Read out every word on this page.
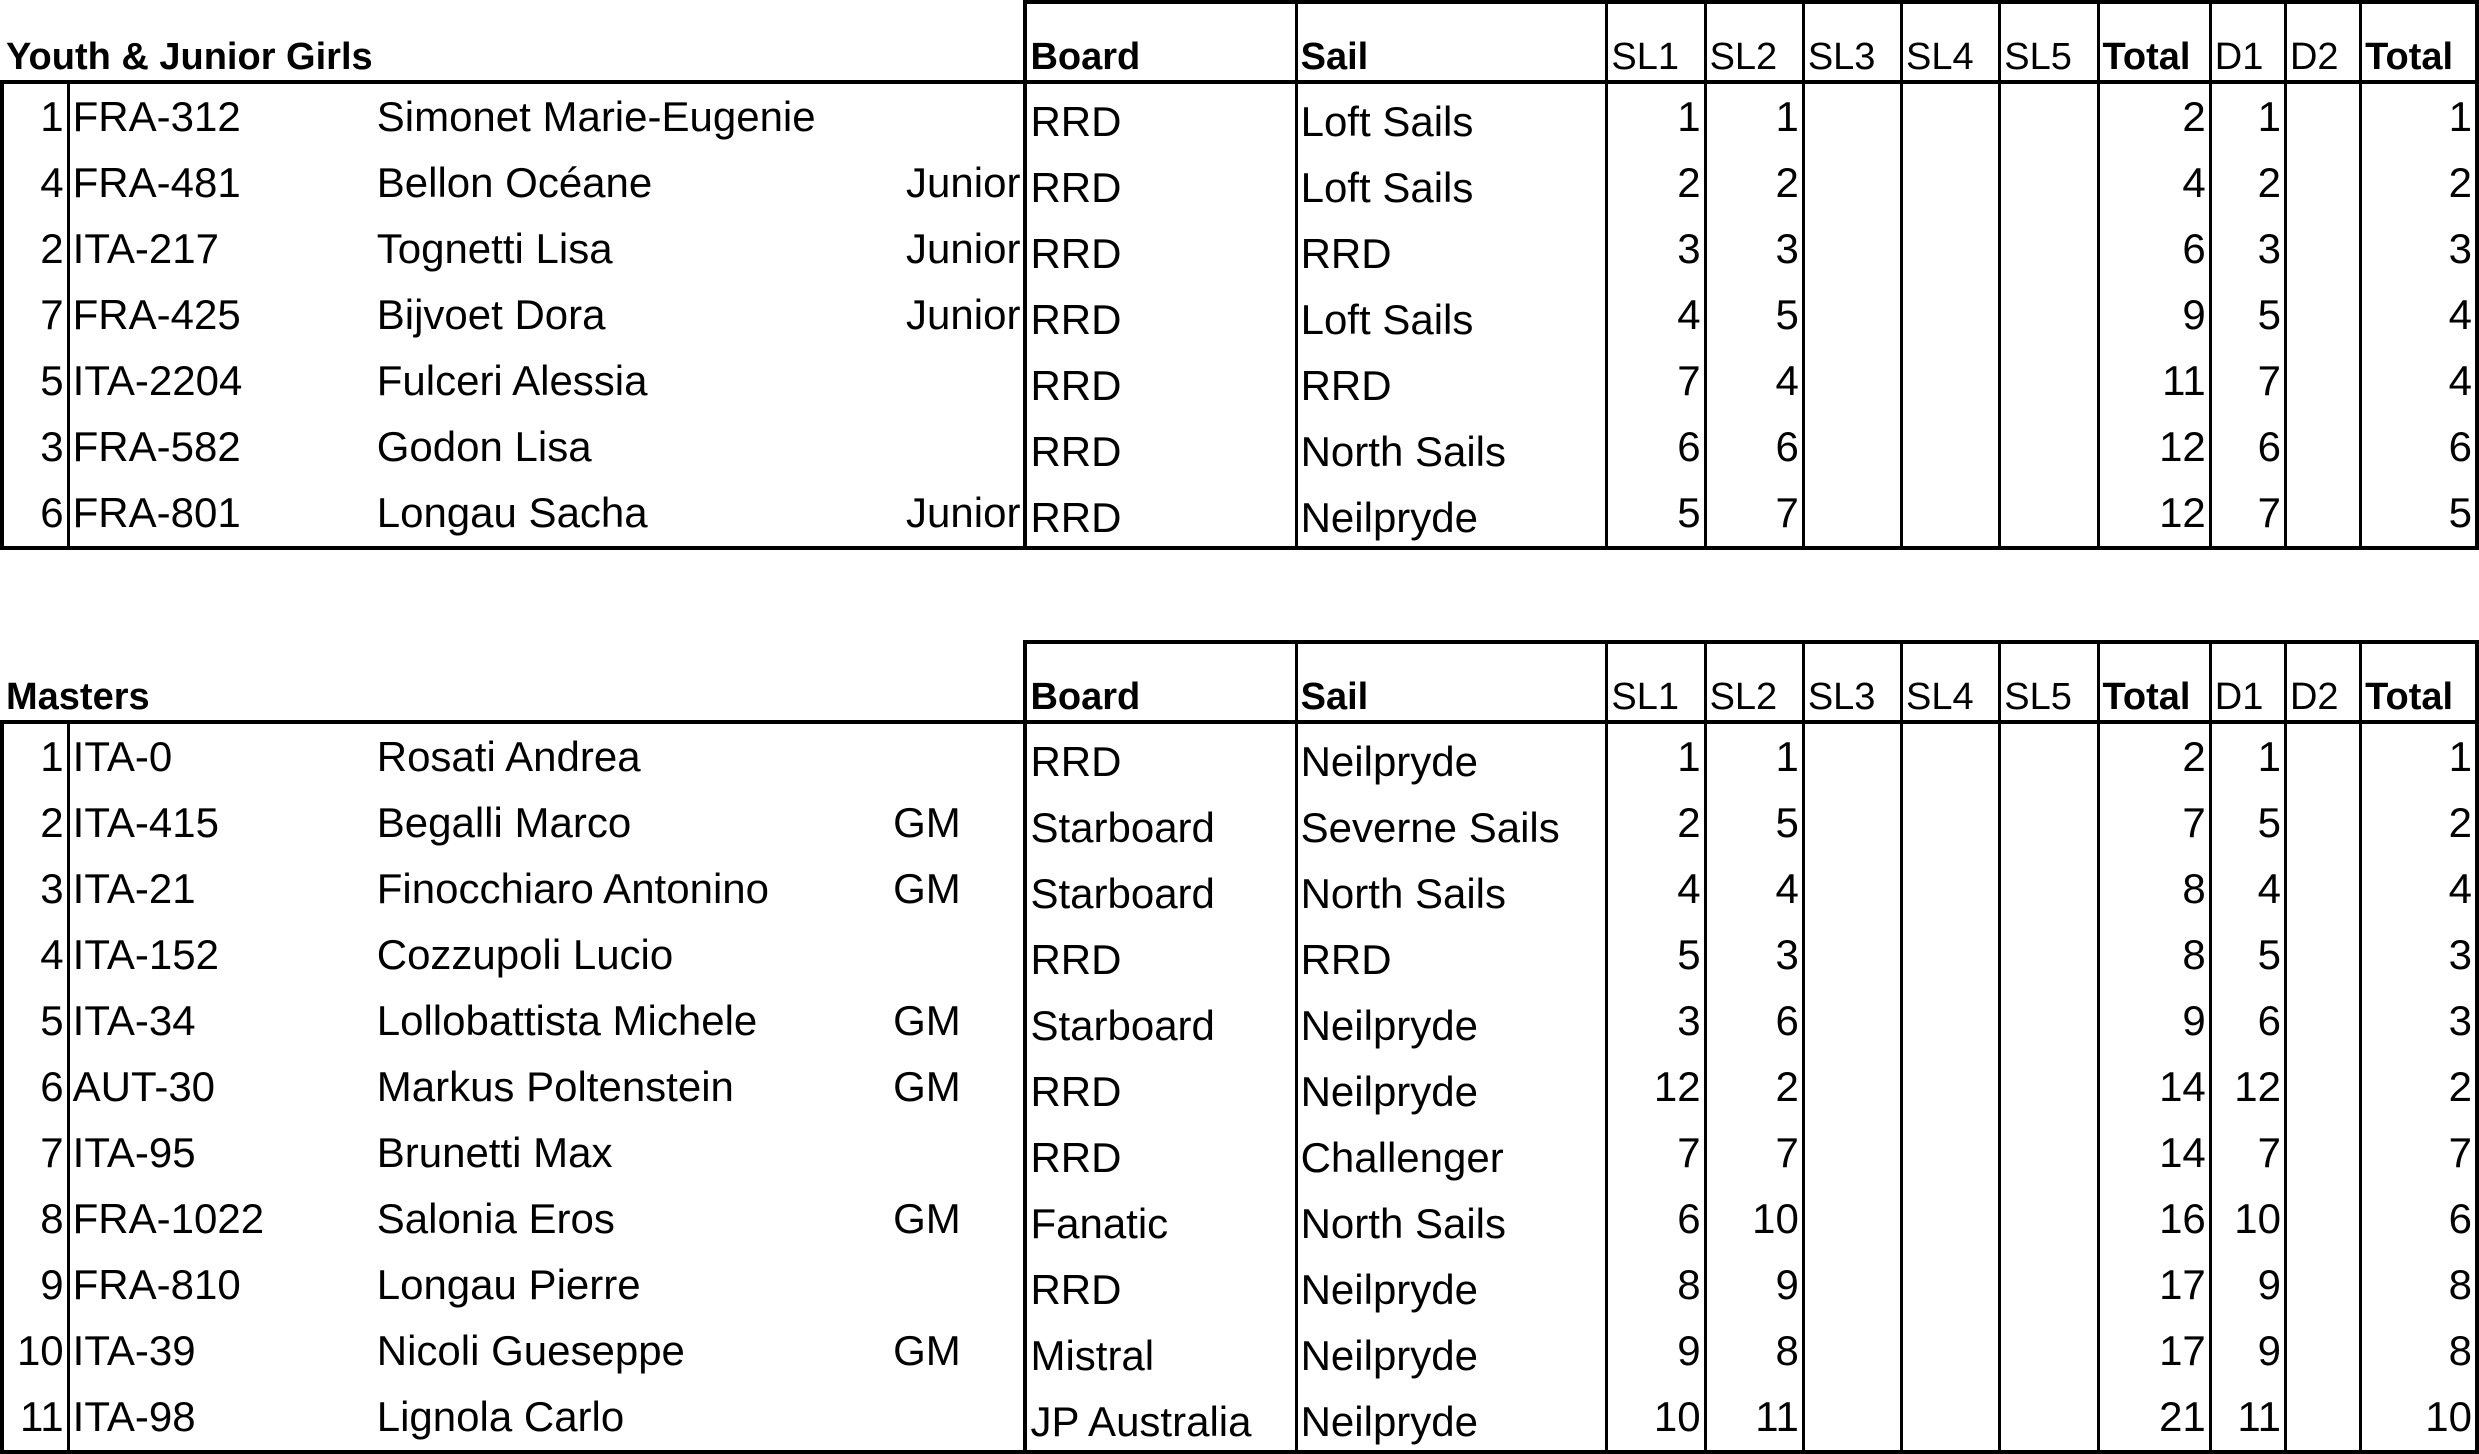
Youth & Junior Girls				Board	Sail	SL1	SL2	SL3	SL4	SL5	Total	D1	D2	Total
1	FRA-312	Simonet Marie-Eugenie		RRD	Loft Sails	1	1				2	1		1
4	FRA-481	Bellon Océane	Junior	RRD	Loft Sails	2	2				4	2		2
2	ITA-217	Tognetti Lisa	Junior	RRD	RRD	3	3				6	3		3
7	FRA-425	Bijvoet Dora	Junior	RRD	Loft Sails	4	5				9	5		4
5	ITA-2204	Fulceri Alessia		RRD	RRD	7	4				11	7		4
3	FRA-582	Godon Lisa		RRD	North Sails	6	6				12	6		6
6	FRA-801	Longau Sacha	Junior	RRD	Neilpryde	5	7				12	7		5
Masters				Board	Sail	SL1	SL2	SL3	SL4	SL5	Total	D1	D2	Total
1	ITA-0	Rosati Andrea		RRD	Neilpryde	1	1				2	1		1
2	ITA-415	Begalli Marco	GM	Starboard	Severne Sails	2	5				7	5		2
3	ITA-21	Finocchiaro Antonino	GM	Starboard	North Sails	4	4				8	4		4
4	ITA-152	Cozzupoli Lucio		RRD	RRD	5	3				8	5		3
5	ITA-34	Lollobattista Michele	GM	Starboard	Neilpryde	3	6				9	6		3
6	AUT-30	Markus Poltenstein	GM	RRD	Neilpryde	12	2				14	12		2
7	ITA-95	Brunetti Max		RRD	Challenger	7	7				14	7		7
8	FRA-1022	Salonia Eros	GM	Fanatic	North Sails	6	10				16	10		6
9	FRA-810	Longau Pierre		RRD	Neilpryde	8	9				17	9		8
10	ITA-39	Nicoli Gueseppe	GM	Mistral	Neilpryde	9	8				17	9		8
11	ITA-98	Lignola Carlo		JP Australia	Neilpryde	10	11				21	11		10
